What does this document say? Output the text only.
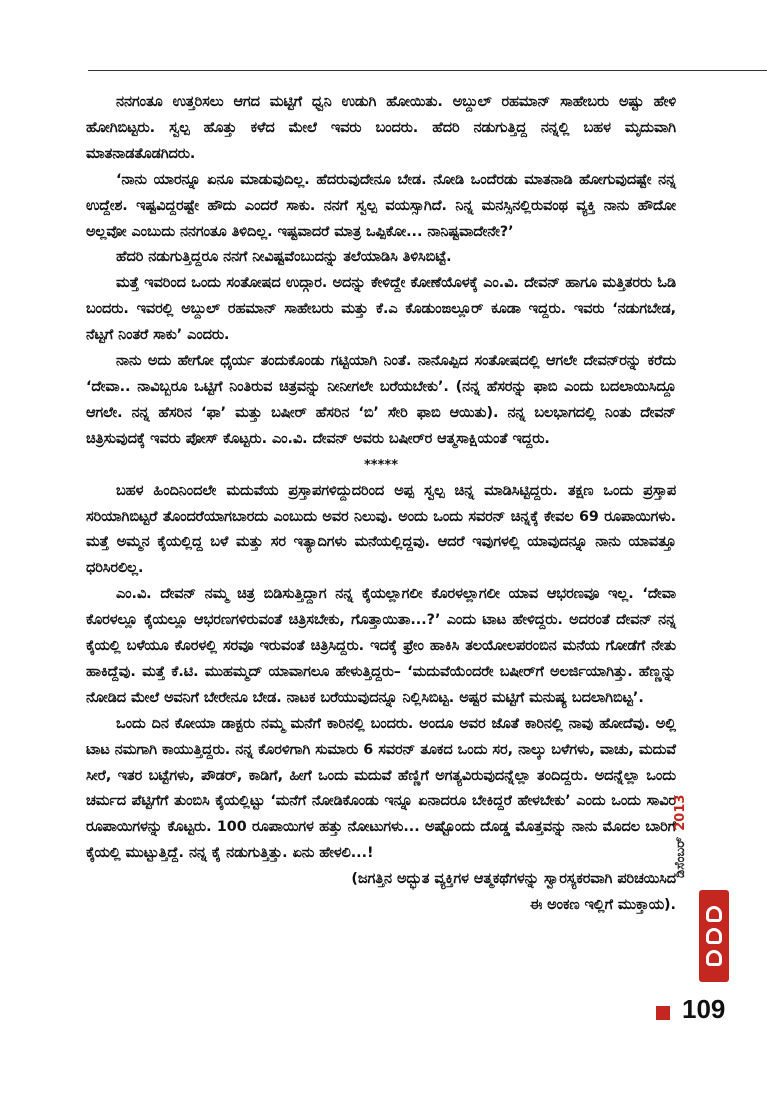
ನನಗಂತೂ ಉತ್ತರಿಸಲು ಆಗದ ಮಟ್ಟಿಗೆ ಧ್ವನಿ ಉಡುಗಿ ಹೋಯಿತು. ಅಬ್ದುಲ್ ರಹಮಾನ್ ಸಾಹೇಬರು ಅಷ್ಟು ಹೇಳಿ ಹೋಗಿಬಿಟ್ಟರು. ಸ್ವಲ್ಪ ಹೊತ್ತು ಕಳೆದ ಮೇಲೆ ಇವರು ಬಂದರು. ಹೆದರಿ ನಡುಗುತ್ತಿದ್ದ ನನ್ನಲ್ಲಿ ಬಹಳ ಮೃದುವಾಗಿ ಮಾತನಾಡತೊಡಗಿದರು.

‘ನಾನು ಯಾರನ್ನೂ ಏನೂ ಮಾಡುವುದಿಲ್ಲ. ಹೆದರುವುದೇನೂ ಬೇಡ. ನೋಡಿ ಒಂದೆರಡು ಮಾತನಾಡಿ ಹೋಗುವುದಷ್ಟೇ ನನ್ನ ಉದ್ದೇಶ. ಇಷ್ಟವಿದ್ದರಷ್ಟೇ ಹೌದು ಎಂದರೆ ಸಾಕು. ನನಗೆ ಸ್ವಲ್ಪ ವಯಸ್ಸಾಗಿದೆ. ನಿನ್ನ ಮನಸ್ಸಿನಲ್ಲಿರುವಂಥ ವ್ಯಕ್ತಿ ನಾನು ಹೌದೋ ಅಲ್ಲವೋ ಎಂಬುದು ನನಗಂತೂ ತಿಳಿದಿಲ್ಲ. ಇಷ್ಟವಾದರೆ ಮಾತ್ರ ಒಪ್ಪಿಕೋ... ನಾನಿಷ್ಟವಾದೇನೇ?’

ಹೆದರಿ ನಡುಗುತ್ತಿದ್ದರೂ ನನಗೆ ನೀವಿಷ್ಟವೆಂಬುದನ್ನು ತಲೆಯಾಡಿಸಿ ತಿಳಿಸಿಬಿಟ್ಟೆ.

ಮತ್ತೆ ಇವರಿಂದ ಒಂದು ಸಂತೋಷದ ಉದ್ಗಾರ. ಅದನ್ನು ಕೇಳಿದ್ದೇ ಕೋಣೆಯೊಳಕ್ಕೆ ಎಂ.ವಿ. ದೇವನ್ ಹಾಗೂ ಮತ್ತಿತರರು ಓಡಿ ಬಂದರು. ಇವರಲ್ಲಿ ಅಬ್ದುಲ್ ರಹಮಾನ್ ಸಾಹೇಬರು ಮತ್ತು ಕೆ.ಎ ಕೊಡುಂಙಲ್ಲೂರ್ ಕೂಡಾ ಇದ್ದರು. ಇವರು ‘ನಡುಗಬೇಡ, ನೆಟ್ಟಗೆ ನಿಂತರೆ ಸಾಕು’ ಎಂದರು.

ನಾನು ಅದು ಹೇಗೋ ಧೈರ್ಯ ತಂದುಕೊಂಡು ಗಟ್ಟಿಯಾಗಿ ನಿಂತೆ. ನಾನೊಪ್ಪಿದ ಸಂತೋಷದಲ್ಲಿ ಆಗಲೇ ದೇವನ್‌ರನ್ನು ಕರೆದು ‘ದೇವಾ.. ನಾವಿಬ್ಬರೂ ಒಟ್ಟಿಗೆ ನಿಂತಿರುವ ಚಿತ್ರವನ್ನು ನೀನೀಗಲೇ ಬರೆಯಬೇಕು’. (ನನ್ನ ಹೆಸರನ್ನು ಫಾಬಿ ಎಂದು ಬದಲಾಯಿಸಿದ್ದೂ ಆಗಲೇ. ನನ್ನ ಹೆಸರಿನ ‘ಫಾ’ ಮತ್ತು ಬಷೀರ್ ಹೆಸರಿನ ‘ಬಿ’ ಸೇರಿ ಫಾಬಿ ಆಯಿತು). ನನ್ನ ಬಲಭಾಗದಲ್ಲಿ ನಿಂತು ದೇವನ್ ಚಿತ್ರಿಸುವುದಕ್ಕೆ ಇವರು ಪೋಸ್ ಕೊಟ್ಟರು. ಎಂ.ವಿ. ದೇವನ್ ಅವರು ಬಷೀರ್‌ರ ಆತ್ಮಸಾಕ್ಷಿಯಂತೆ ಇದ್ದರು.

*****

ಬಹಳ ಹಿಂದಿನಿಂದಲೇ ಮದುವೆಯ ಪ್ರಸ್ತಾಪಗಳಿದ್ದುದರಿಂದ ಅಪ್ಪ ಸ್ವಲ್ಪ ಚಿನ್ನ ಮಾಡಿಸಿಟ್ಟಿದ್ದರು. ತಕ್ಷಣ ಒಂದು ಪ್ರಸ್ತಾಪ ಸರಿಯಾಗಿಬಿಟ್ಟರೆ ತೊಂದರೆಯಾಗಬಾರದು ಎಂಬುದು ಅವರ ನಿಲುವು. ಅಂದು ಒಂದು ಸವರನ್ ಚಿನ್ನಕ್ಕೆ ಕೇವಲ 69 ರೂಪಾಯಿಗಳು. ಮತ್ತೆ ಅಮ್ಮನ ಕೈಯಲ್ಲಿದ್ದ ಬಳೆ ಮತ್ತು ಸರ ಇತ್ಯಾದಿಗಳು ಮನೆಯಲ್ಲಿದ್ದವು. ಆದರೆ ಇವುಗಳಲ್ಲಿ ಯಾವುದನ್ನೂ ನಾನು ಯಾವತ್ತೂ ಧರಿಸಿರಲಿಲ್ಲ.

ಎಂ.ವಿ. ದೇವನ್ ನಮ್ಮ ಚಿತ್ರ ಬಿಡಿಸುತ್ತಿದ್ದಾಗ ನನ್ನ ಕೈಯಲ್ಲಾಗಲೀ ಕೊರಳಲ್ಲಾಗಲೀ ಯಾವ ಆಭರಣವೂ ಇಲ್ಲ. ‘ದೇವಾ ಕೊರಳಲ್ಲೂ ಕೈಯಲ್ಲೂ ಆಭರಣಗಳಿರುವಂತೆ ಚಿತ್ರಿಸಬೇಕು, ಗೊತ್ತಾಯಿತಾ...?’ ಎಂದು ಟಾಟ ಹೇಳಿದ್ದರು. ಅದರಂತೆ ದೇವನ್ ನನ್ನ ಕೈಯಲ್ಲಿ ಬಳೆಯೂ ಕೊರಳಲ್ಲಿ ಸರವೂ ಇರುವಂತೆ ಚಿತ್ರಿಸಿದ್ದರು. ಇದಕ್ಕೆ ಫ್ರೇಂ ಹಾಕಿಸಿ ತಲಯೋಲಪರಂಬಿನ ಮನೆಯ ಗೋಡೆಗೆ ನೇತು ಹಾಕಿದ್ದೆವು. ಮತ್ತೆ ಕೆ.ಟಿ. ಮುಹಮ್ಮದ್ ಯಾವಾಗಲೂ ಹೇಳುತ್ತಿದ್ದರು– ‘ಮದುವೆಯೆಂದರೇ ಬಷೀರ್‌ಗೆ ಅಲರ್ಜಿಯಾಗಿತ್ತು. ಹೆಣ್ಣನ್ನು ನೋಡಿದ ಮೇಲೆ ಅವನಿಗೆ ಬೇರೇನೂ ಬೇಡ. ನಾಟಕ ಬರೆಯುವುದನ್ನೂ ನಿಲ್ಲಿಸಿಬಿಟ್ಟ. ಅಷ್ಟರ ಮಟ್ಟಿಗೆ ಮನುಷ್ಯ ಬದಲಾಗಿಬಿಟ್ಟ’.

ಒಂದು ದಿನ ಕೋಯಾ ಡಾಕ್ಟರು ನಮ್ಮ ಮನೆಗೆ ಕಾರಿನಲ್ಲಿ ಬಂದರು. ಅಂದೂ ಅವರ ಜೊತೆ ಕಾರಿನಲ್ಲಿ ನಾವು ಹೋದೆವು. ಅಲ್ಲಿ ಟಾಟ ನಮಗಾಗಿ ಕಾಯುತ್ತಿದ್ದರು. ನನ್ನ ಕೊರಳಿಗಾಗಿ ಸುಮಾರು 6 ಸವರನ್ ತೂಕದ ಒಂದು ಸರ, ನಾಲ್ಕು ಬಳೆಗಳು, ವಾಚು, ಮದುವೆ ಸೀರೆ, ಇತರ ಬಟ್ಟೆಗಳು, ಪೌಡರ್, ಕಾಡಿಗೆ, ಹೀಗೆ ಒಂದು ಮದುವೆ ಹೆಣ್ಣಿಗೆ ಅಗತ್ಯವಿರುವುದನ್ನೆಲ್ಲಾ ತಂದಿದ್ದರು. ಅದನ್ನೆಲ್ಲಾ ಒಂದು ಚರ್ಮದ ಪೆಟ್ಟಿಗೆಗೆ ತುಂಬಿಸಿ ಕೈಯಲ್ಲಿಟ್ಟು ‘ಮನೆಗೆ ನೋಡಿಕೊಂಡು ಇನ್ನೂ ಏನಾದರೂ ಬೇಕಿದ್ದರೆ ಹೇಳಬೇಕು’ ಎಂದು ಒಂದು ಸಾವಿರ ರೂಪಾಯಿಗಳನ್ನು ಕೊಟ್ಟರು. 100 ರೂಪಾಯಿಗಳ ಹತ್ತು ನೋಟುಗಳು... ಅಷ್ಟೊಂದು ದೊಡ್ಡ ಮೊತ್ತವನ್ನು ನಾನು ಮೊದಲ ಬಾರಿಗೆ ಕೈಯಲ್ಲಿ ಮುಟ್ಟುತ್ತಿದ್ದೆ. ನನ್ನ ಕೈ ನಡುಗುತ್ತಿತ್ತು. ಏನು ಹೇಳಲಿ...!

(ಜಗತ್ತಿನ ಅದ್ಭುತ ವ್ಯಕ್ತಿಗಳ ಆತ್ಮಕಥೆಗಳನ್ನು ಸ್ವಾರಸ್ಯಕರವಾಗಿ ಪರಿಚಯಿಸಿದ

ಈ ಅಂಕಣ ಇಲ್ಲಿಗೆ ಮುಕ್ತಾಯ).

ಡಿಸೆಂಬರ್
2013
109
